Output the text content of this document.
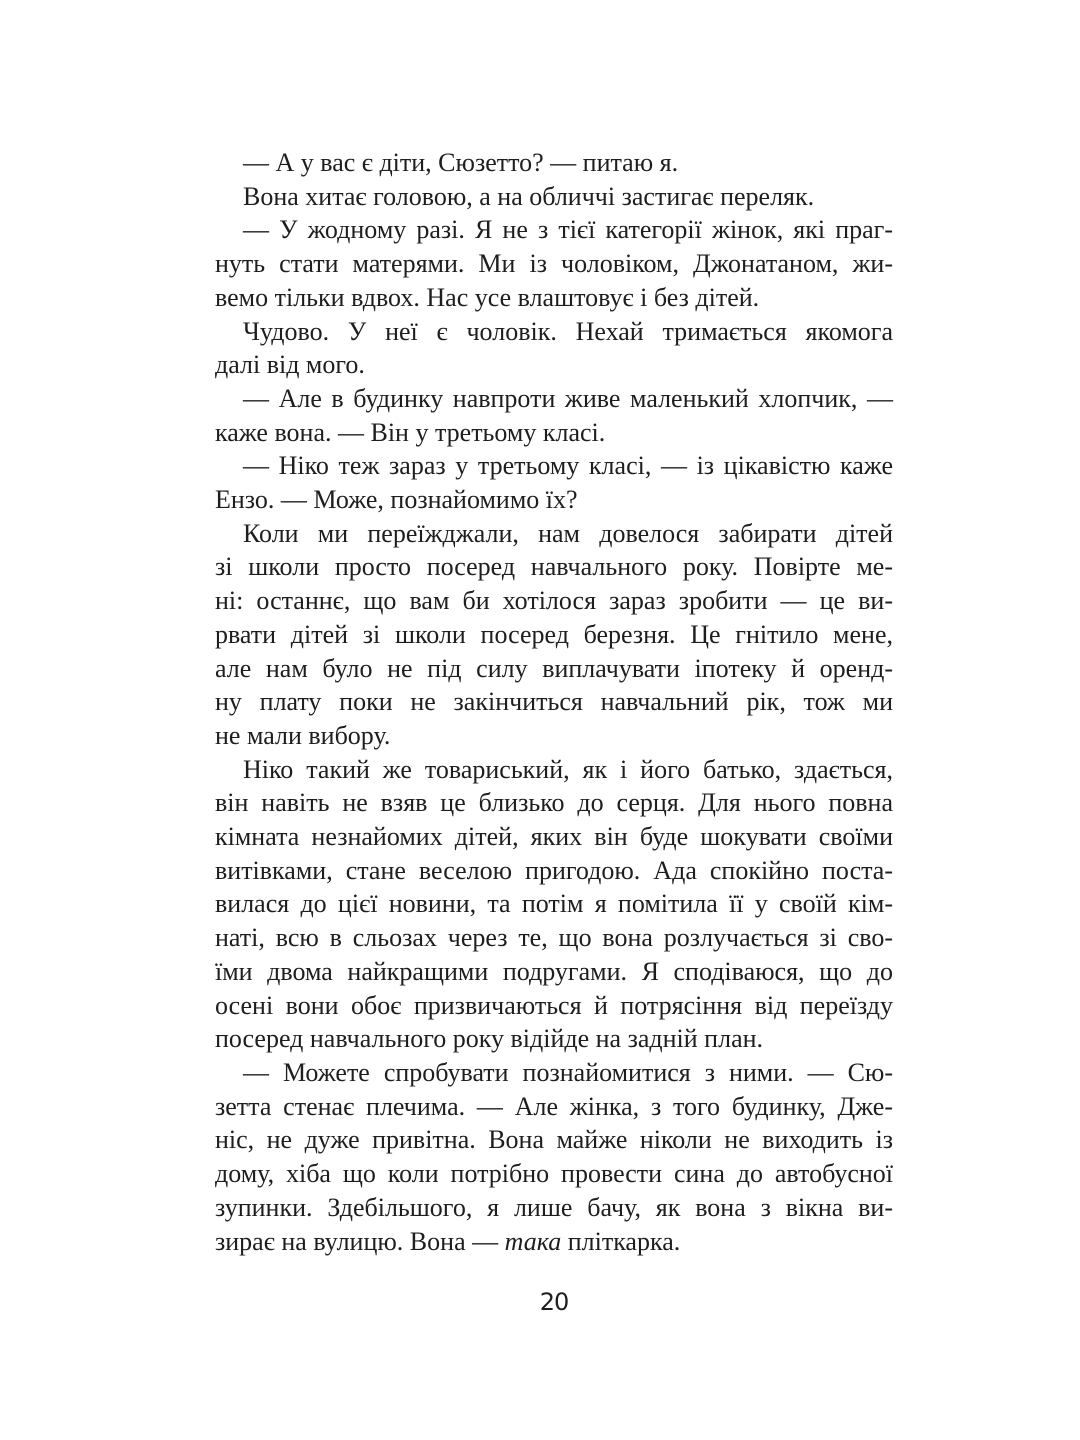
— А у вас є діти, Сюзетто? — питаю я.
Вона хитає головою, а на обличчі застигає переляк.
— У жодному разі. Я не з тієї категорії жінок, які праг-
нуть стати матерями. Ми із чоловіком, Джонатаном, жи-
вемо тільки вдвох. Нас усе влаштовує і без дітей.
Чудово. У неї є чоловік. Нехай тримається якомога
далі від мого.
— Але в будинку навпроти живе маленький хлопчик, —
каже вона. — Він у третьому класі.
— Ніко теж зараз у третьому класі, — із цікавістю каже
Ензо. — Може, познайомимо їх?
Коли ми переїжджали, нам довелося забирати дітей
зі школи просто посеред навчального року. Повірте ме-
ні: останнє, що вам би хотілося зараз зробити — це ви-
рвати дітей зі школи посеред березня. Це гнітило мене,
але нам було не під силу виплачувати іпотеку й оренд-
ну плату поки не закінчиться навчальний рік, тож ми
не мали вибору.
Ніко такий же товариський, як і його батько, здається,
він навіть не взяв це близько до серця. Для нього повна
кімната незнайомих дітей, яких він буде шокувати своїми
витівками, стане веселою пригодою. Ада спокійно поста-
вилася до цієї новини, та потім я помітила її у своїй кім-
наті, всю в сльозах через те, що вона розлучається зі сво-
їми двома найкращими подругами. Я сподіваюся, що до
осені вони обоє призвичаються й потрясіння від переїзду
посеред навчального року відійде на задній план.
— Можете спробувати познайомитися з ними. — Сю-
зетта стенає плечима. — Але жінка, з того будинку, Дже-
ніс, не дуже привітна. Вона майже ніколи не виходить із
дому, хіба що коли потрібно провести сина до автобусної
зупинки. Здебільшого, я лише бачу, як вона з вікна ви-
зирає на вулицю. Вона — така пліткарка.
20
